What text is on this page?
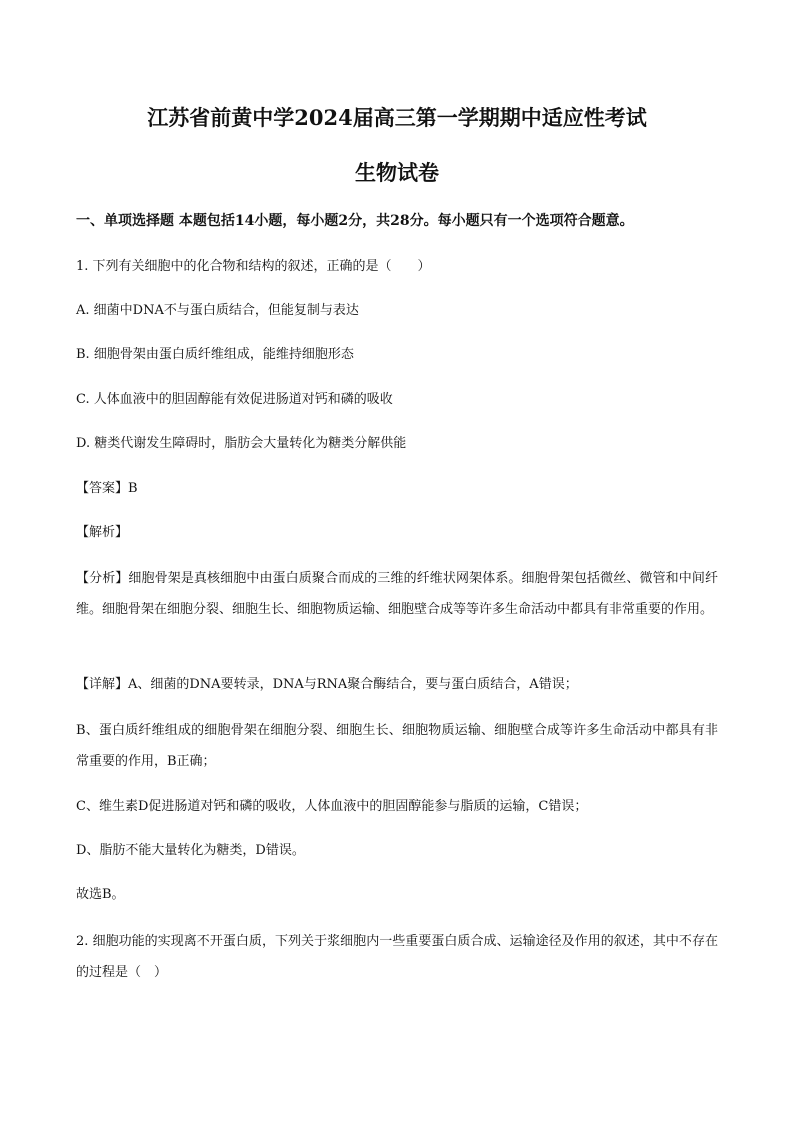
江苏省前黄中学2024届高三第一学期期中适应性考试
生物试卷
一、单项选择题 本题包括14小题，每小题2分，共28分。每小题只有一个选项符合题意。
1. 下列有关细胞中的化合物和结构的叙述，正确的是（　　）
A. 细菌中DNA不与蛋白质结合，但能复制与表达
B. 细胞骨架由蛋白质纤维组成，能维持细胞形态
C. 人体血液中的胆固醇能有效促进肠道对钙和磷的吸收
D. 糖类代谢发生障碍时，脂肪会大量转化为糖类分解供能
【答案】B
【解析】
【分析】细胞骨架是真核细胞中由蛋白质聚合而成的三维的纤维状网架体系。细胞骨架包括微丝、微管和中间纤维。细胞骨架在细胞分裂、细胞生长、细胞物质运输、细胞壁合成等等许多生命活动中都具有非常重要的作用。
【详解】A、细菌的DNA要转录，DNA与RNA聚合酶结合，要与蛋白质结合，A错误；
B、蛋白质纤维组成的细胞骨架在细胞分裂、细胞生长、细胞物质运输、细胞壁合成等许多生命活动中都具有非常重要的作用，B正确；
C、维生素D促进肠道对钙和磷的吸收，人体血液中的胆固醇能参与脂质的运输，C错误；
D、脂肪不能大量转化为糖类，D错误。
故选B。
2. 细胞功能的实现离不开蛋白质，下列关于浆细胞内一些重要蛋白质合成、运输途径及作用的叙述，其中不存在的过程是（　）
